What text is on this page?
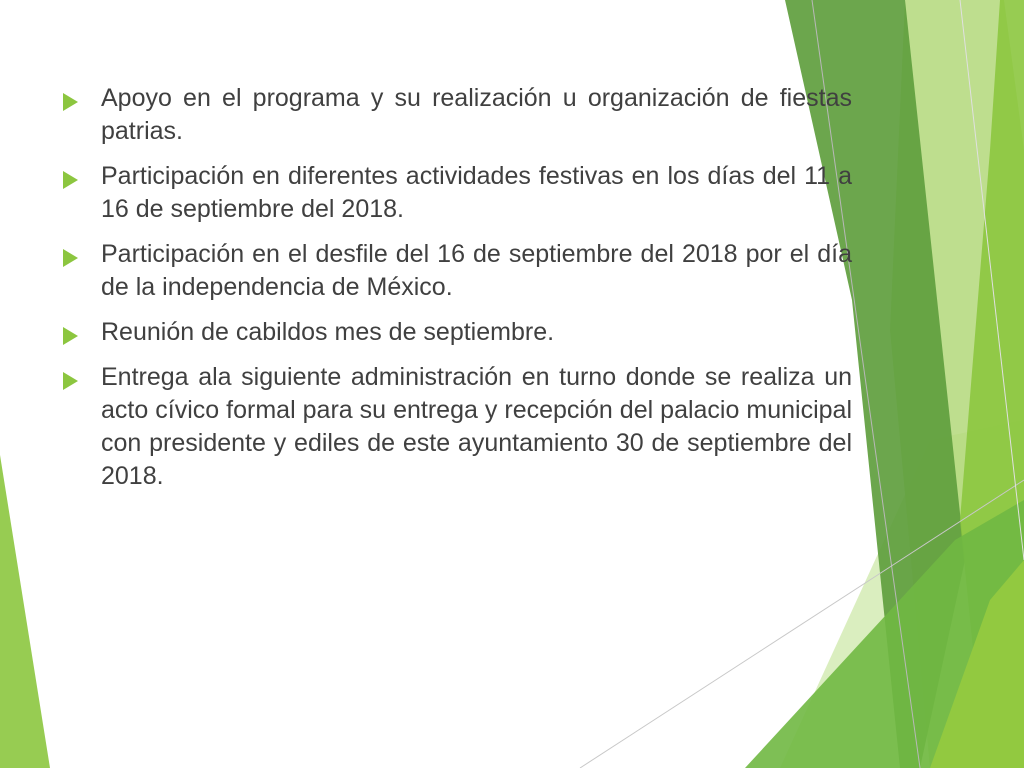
Apoyo en el programa y su realización u organización de fiestas patrias.
Participación en diferentes actividades festivas en los días del 11 a 16 de septiembre del 2018.
Participación en el desfile del 16 de septiembre del 2018 por el día de la independencia de México.
Reunión de cabildos mes de septiembre.
Entrega ala siguiente administración en turno donde se realiza un acto cívico formal para su entrega y recepción del palacio municipal con presidente y ediles de este ayuntamiento 30 de septiembre del 2018.
